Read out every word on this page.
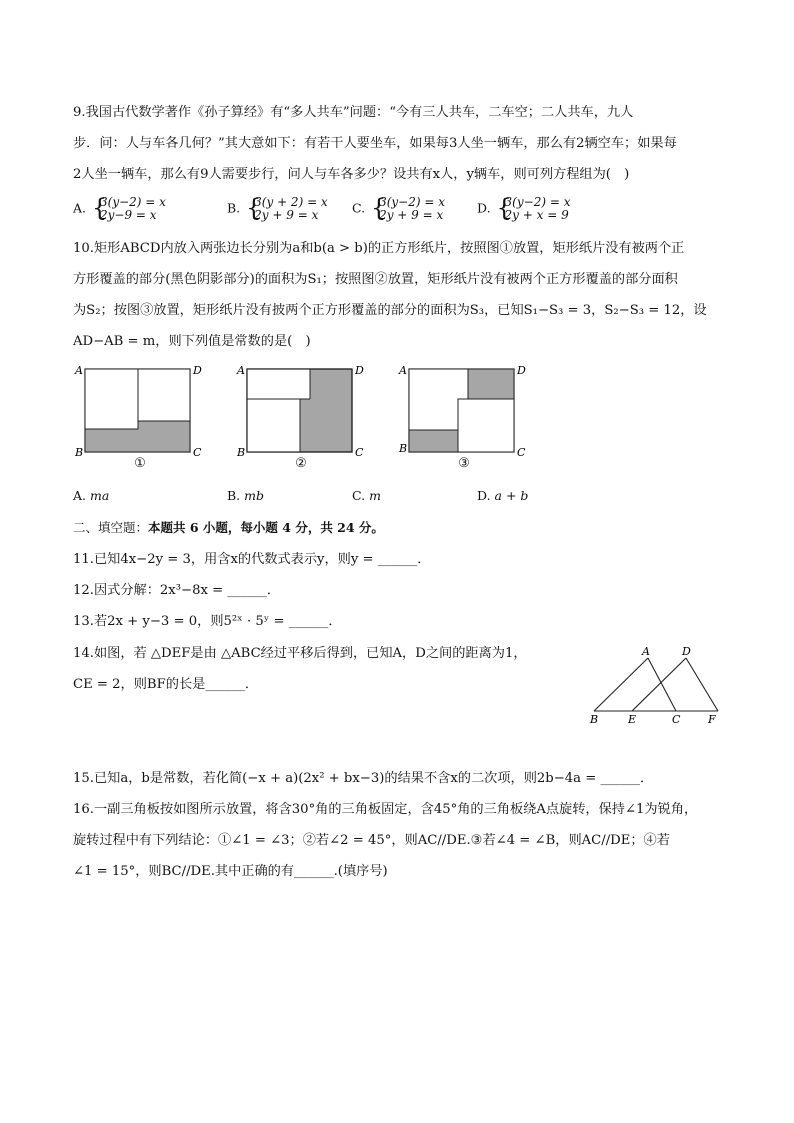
9.我国古代数学著作《孙子算经》有“多人共车”问题：“今有三人共车，二车空；二人共车，九人
步．问：人与车各几何？”其大意如下：有若干人要坐车，如果每3人坐一辆车，那么有2辆空车；如果每
2人坐一辆车，那么有9人需要步行，问人与车各多少？设共有x人，y辆车，则可列方程组为(　)
A. {
3(y−2) = x
2y−9 = x	B. {
3(y + 2) = x
2y + 9 = x	C. {
3(y−2) = x
2y + 9 = x	D. {
3(y−2) = x
2y + x = 9
10.矩形ABCD内放入两张边长分别为a和b(a > b)的正方形纸片，按照图①放置，矩形纸片没有被两个正
方形覆盖的部分(黑色阴影部分)的面积为S₁；按照图②放置，矩形纸片没有被两个正方形覆盖的部分面积
为S₂；按图③放置，矩形纸片没有披两个正方形覆盖的部分的面积为S₃，已知S₁−S₃ = 3，S₂−S₃ = 12，设
AD−AB = m，则下列值是常数的是(　)
A	D
B	C
①
A	D
B	C
②
A	D
B	C
③
A. ma	B. mb	C. m	D. a + b
二、填空题：本题共 6 小题，每小题 4 分，共 24 分。
11.已知4x−2y = 3，用含x的代数式表示y，则y = ______．
12.因式分解：2x³−8x = ______．
13.若2x + y−3 = 0，则5²ˣ · 5ʸ = ______．
14.如图，若 △DEF是由 △ABC经过平移后得到，已知A，D之间的距离为1，
CE = 2，则BF的长是______．
A	D
B	E	C	F
15.已知a，b是常数，若化简(−x + a)(2x² + bx−3)的结果不含x的二次项，则2b−4a = ______．
16.一副三角板按如图所示放置，将含30°角的三角板固定，含45°角的三角板绕A点旋转，保持∠1为锐角，
旋转过程中有下列结论：①∠1 = ∠3；②若∠2 = 45°，则AC//DE.③若∠4 = ∠B，则AC//DE；④若
∠1 = 15°，则BC//DE.其中正确的有______.(填序号)
